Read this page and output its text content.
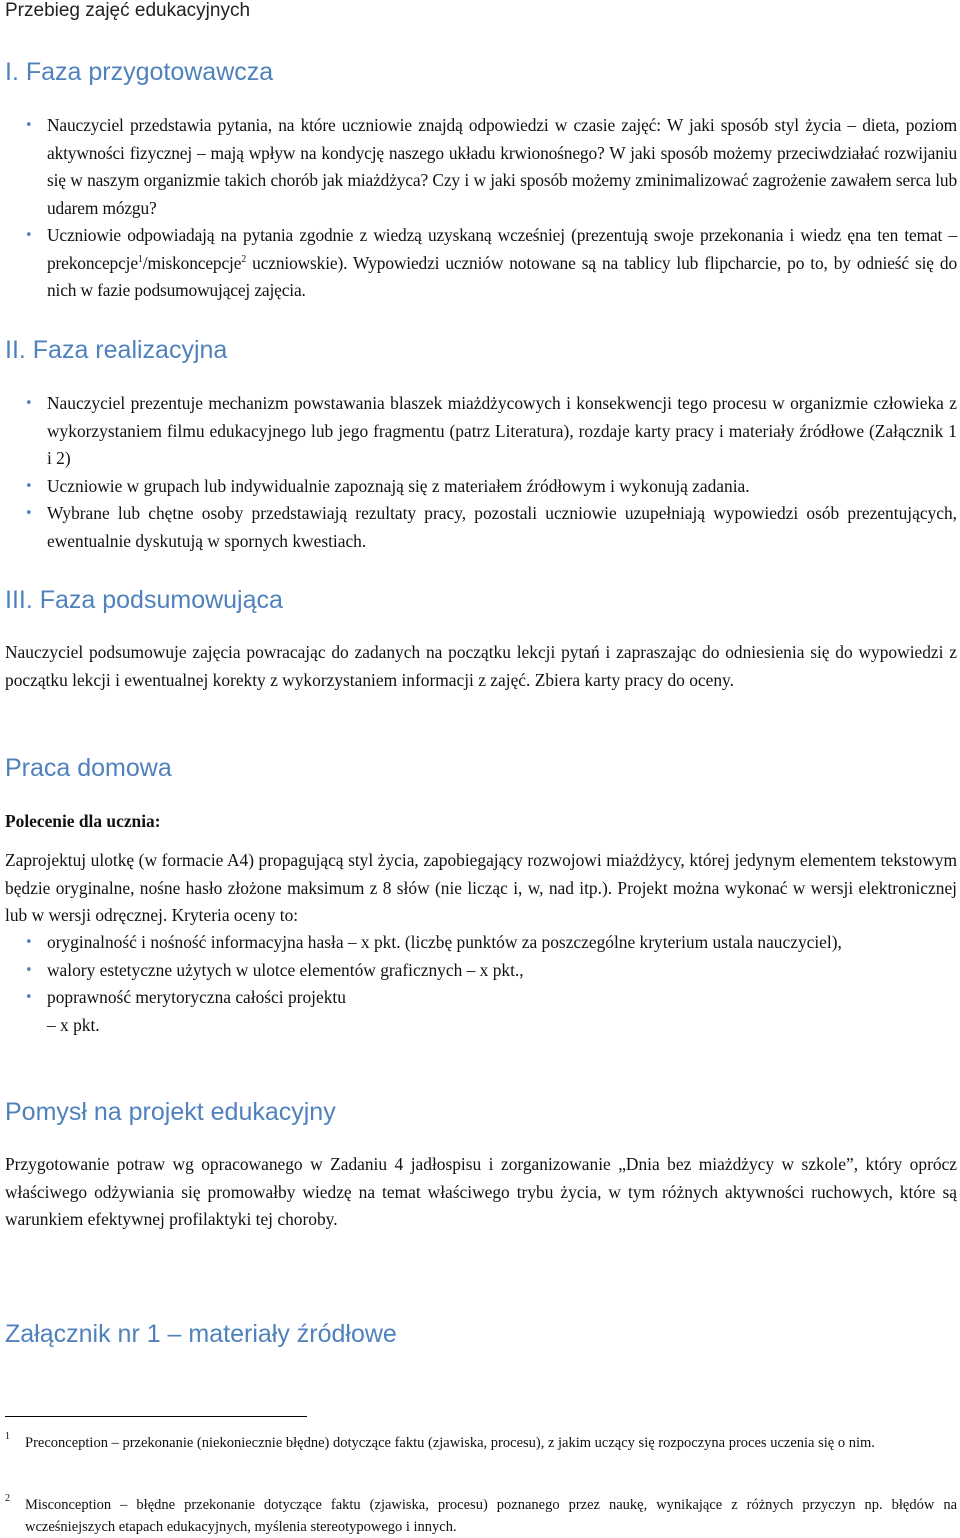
Przebieg zajęć edukacyjnych
I. Faza przygotowawcza
• Nauczyciel przedstawia pytania, na które uczniowie znajdą odpowiedzi w czasie zajęć: W jaki sposób styl życia – dieta, poziom aktywności fizycznej – mają wpływ na kondycję naszego układu krwionośnego? W jaki sposób możemy przeciwdziałać rozwijaniu się w naszym organizmie takich chorób jak miażdżyca? Czy i w jaki sposób możemy zminimalizować zagrożenie zawałem serca lub udarem mózgu?
• Uczniowie odpowiadają na pytania zgodnie z wiedzą uzyskaną wcześniej (prezentują swoje przekonania i wiedz ęna ten temat – prekoncepcje$^1$/miskoncepcje$^2$ uczniowskie). Wypowiedzi uczniów notowane są na tablicy lub flipcharcie, po to, by odnieść się do nich w fazie podsumowującej zajęcia.
II. Faza realizacyjna
• Nauczyciel prezentuje mechanizm powstawania blaszek miażdżycowych i konsekwencji tego procesu w organizmie człowieka z wykorzystaniem filmu edukacyjnego lub jego fragmentu (patrz Literatura), rozdaje karty pracy i materiały źródłowe (Załącznik 1 i 2)
• Uczniowie w grupach lub indywidualnie zapoznają się z materiałem źródłowym i wykonują zadania.
• Wybrane lub chętne osoby przedstawiają rezultaty pracy, pozostali uczniowie uzupełniają wypowiedzi osób prezentujących, ewentualnie dyskutują w spornych kwestiach.
III. Faza podsumowująca

Nauczyciel podsumowuje zajęcia powracając do zadanych na początku lekcji pytań i zapraszając do odniesienia się do wypowiedzi z początku lekcji i ewentualnej korekty z wykorzystaniem informacji z zajęć. Zbiera karty pracy do oceny.

Praca domowa
Polecenie dla ucznia:

Zaprojektuj ulotkę (w formacie A4) propagującą styl życia, zapobiegający rozwojowi miażdżycy, której jedynym elementem tekstowym będzie oryginalne, nośne hasło złożone maksimum z 8 słów (nie licząc i, w, nad itp.). Projekt można wykonać w wersji elektronicznej lub w wersji odręcznej. Kryteria oceny to:

• oryginalność i nośność informacyjna hasła – x pkt. (liczbę punktów za poszczególne kryterium ustala nauczyciel),
• walory estetyczne użytych w ulotce elementów graficznych – x pkt.,
• poprawność merytoryczna całości projektu
– x pkt.
Pomysł na projekt edukacyjny

Przygotowanie potraw wg opracowanego w Zadaniu 4 jadłospisu i zorganizowanie „Dnia bez miażdżycy w szkole”, który oprócz właściwego odżywiania się promowałby wiedzę na temat właściwego trybu życia, w tym różnych aktywności ruchowych, które są warunkiem efektywnej profilaktyki tej choroby.

Załącznik nr 1 – materiały źródłowe
1	Preconception – przekonanie (niekoniecznie błędne) dotyczące faktu (zjawiska, procesu), z jakim uczący się rozpoczyna proces uczenia się o nim.
2	Misconception – błędne przekonanie dotyczące faktu (zjawiska, procesu) poznanego przez naukę, wynikające z różnych przyczyn np. błędów na wcześniejszych etapach edukacyjnych, myślenia stereotypowego i innych.
